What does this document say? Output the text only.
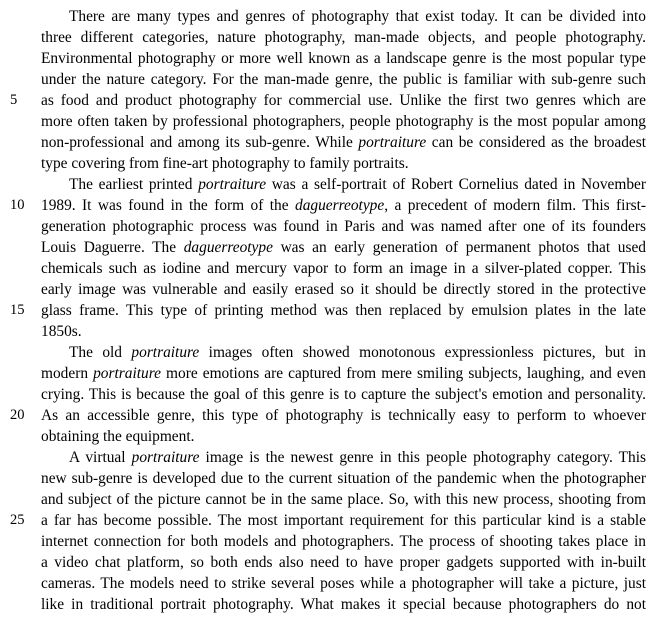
There are many types and genres of photography that exist today. It can be divided into
three different categories, nature photography, man-made objects, and people photography.
Environmental photography or more well known as a landscape genre is the most popular type
under the nature category. For the man-made genre, the public is familiar with sub-genre such
as food and product photography for commercial use. Unlike the first two genres which are
more often taken by professional photographers, people photography is the most popular among
non-professional and among its sub-genre. While portraiture can be considered as the broadest
type covering from fine-art photography to family portraits.
The earliest printed portraiture was a self-portrait of Robert Cornelius dated in November
1989. It was found in the form of the daguerreotype, a precedent of modern film. This first-
generation photographic process was found in Paris and was named after one of its founders
Louis Daguerre. The daguerreotype was an early generation of permanent photos that used
chemicals such as iodine and mercury vapor to form an image in a silver-plated copper. This
early image was vulnerable and easily erased so it should be directly stored in the protective
glass frame. This type of printing method was then replaced by emulsion plates in the late
1850s.
The old portraiture images often showed monotonous expressionless pictures, but in
modern portraiture more emotions are captured from mere smiling subjects, laughing, and even
crying. This is because the goal of this genre is to capture the subject's emotion and personality.
As an accessible genre, this type of photography is technically easy to perform to whoever
obtaining the equipment.
A virtual portraiture image is the newest genre in this people photography category. This
new sub-genre is developed due to the current situation of the pandemic when the photographer
and subject of the picture cannot be in the same place. So, with this new process, shooting from
a far has become possible. The most important requirement for this particular kind is a stable
internet connection for both models and photographers. The process of shooting takes place in
a video chat platform, so both ends also need to have proper gadgets supported with in-built
cameras. The models need to strike several poses while a photographer will take a picture, just
like in traditional portrait photography. What makes it special because photographers do not
5
10
15
20
25
